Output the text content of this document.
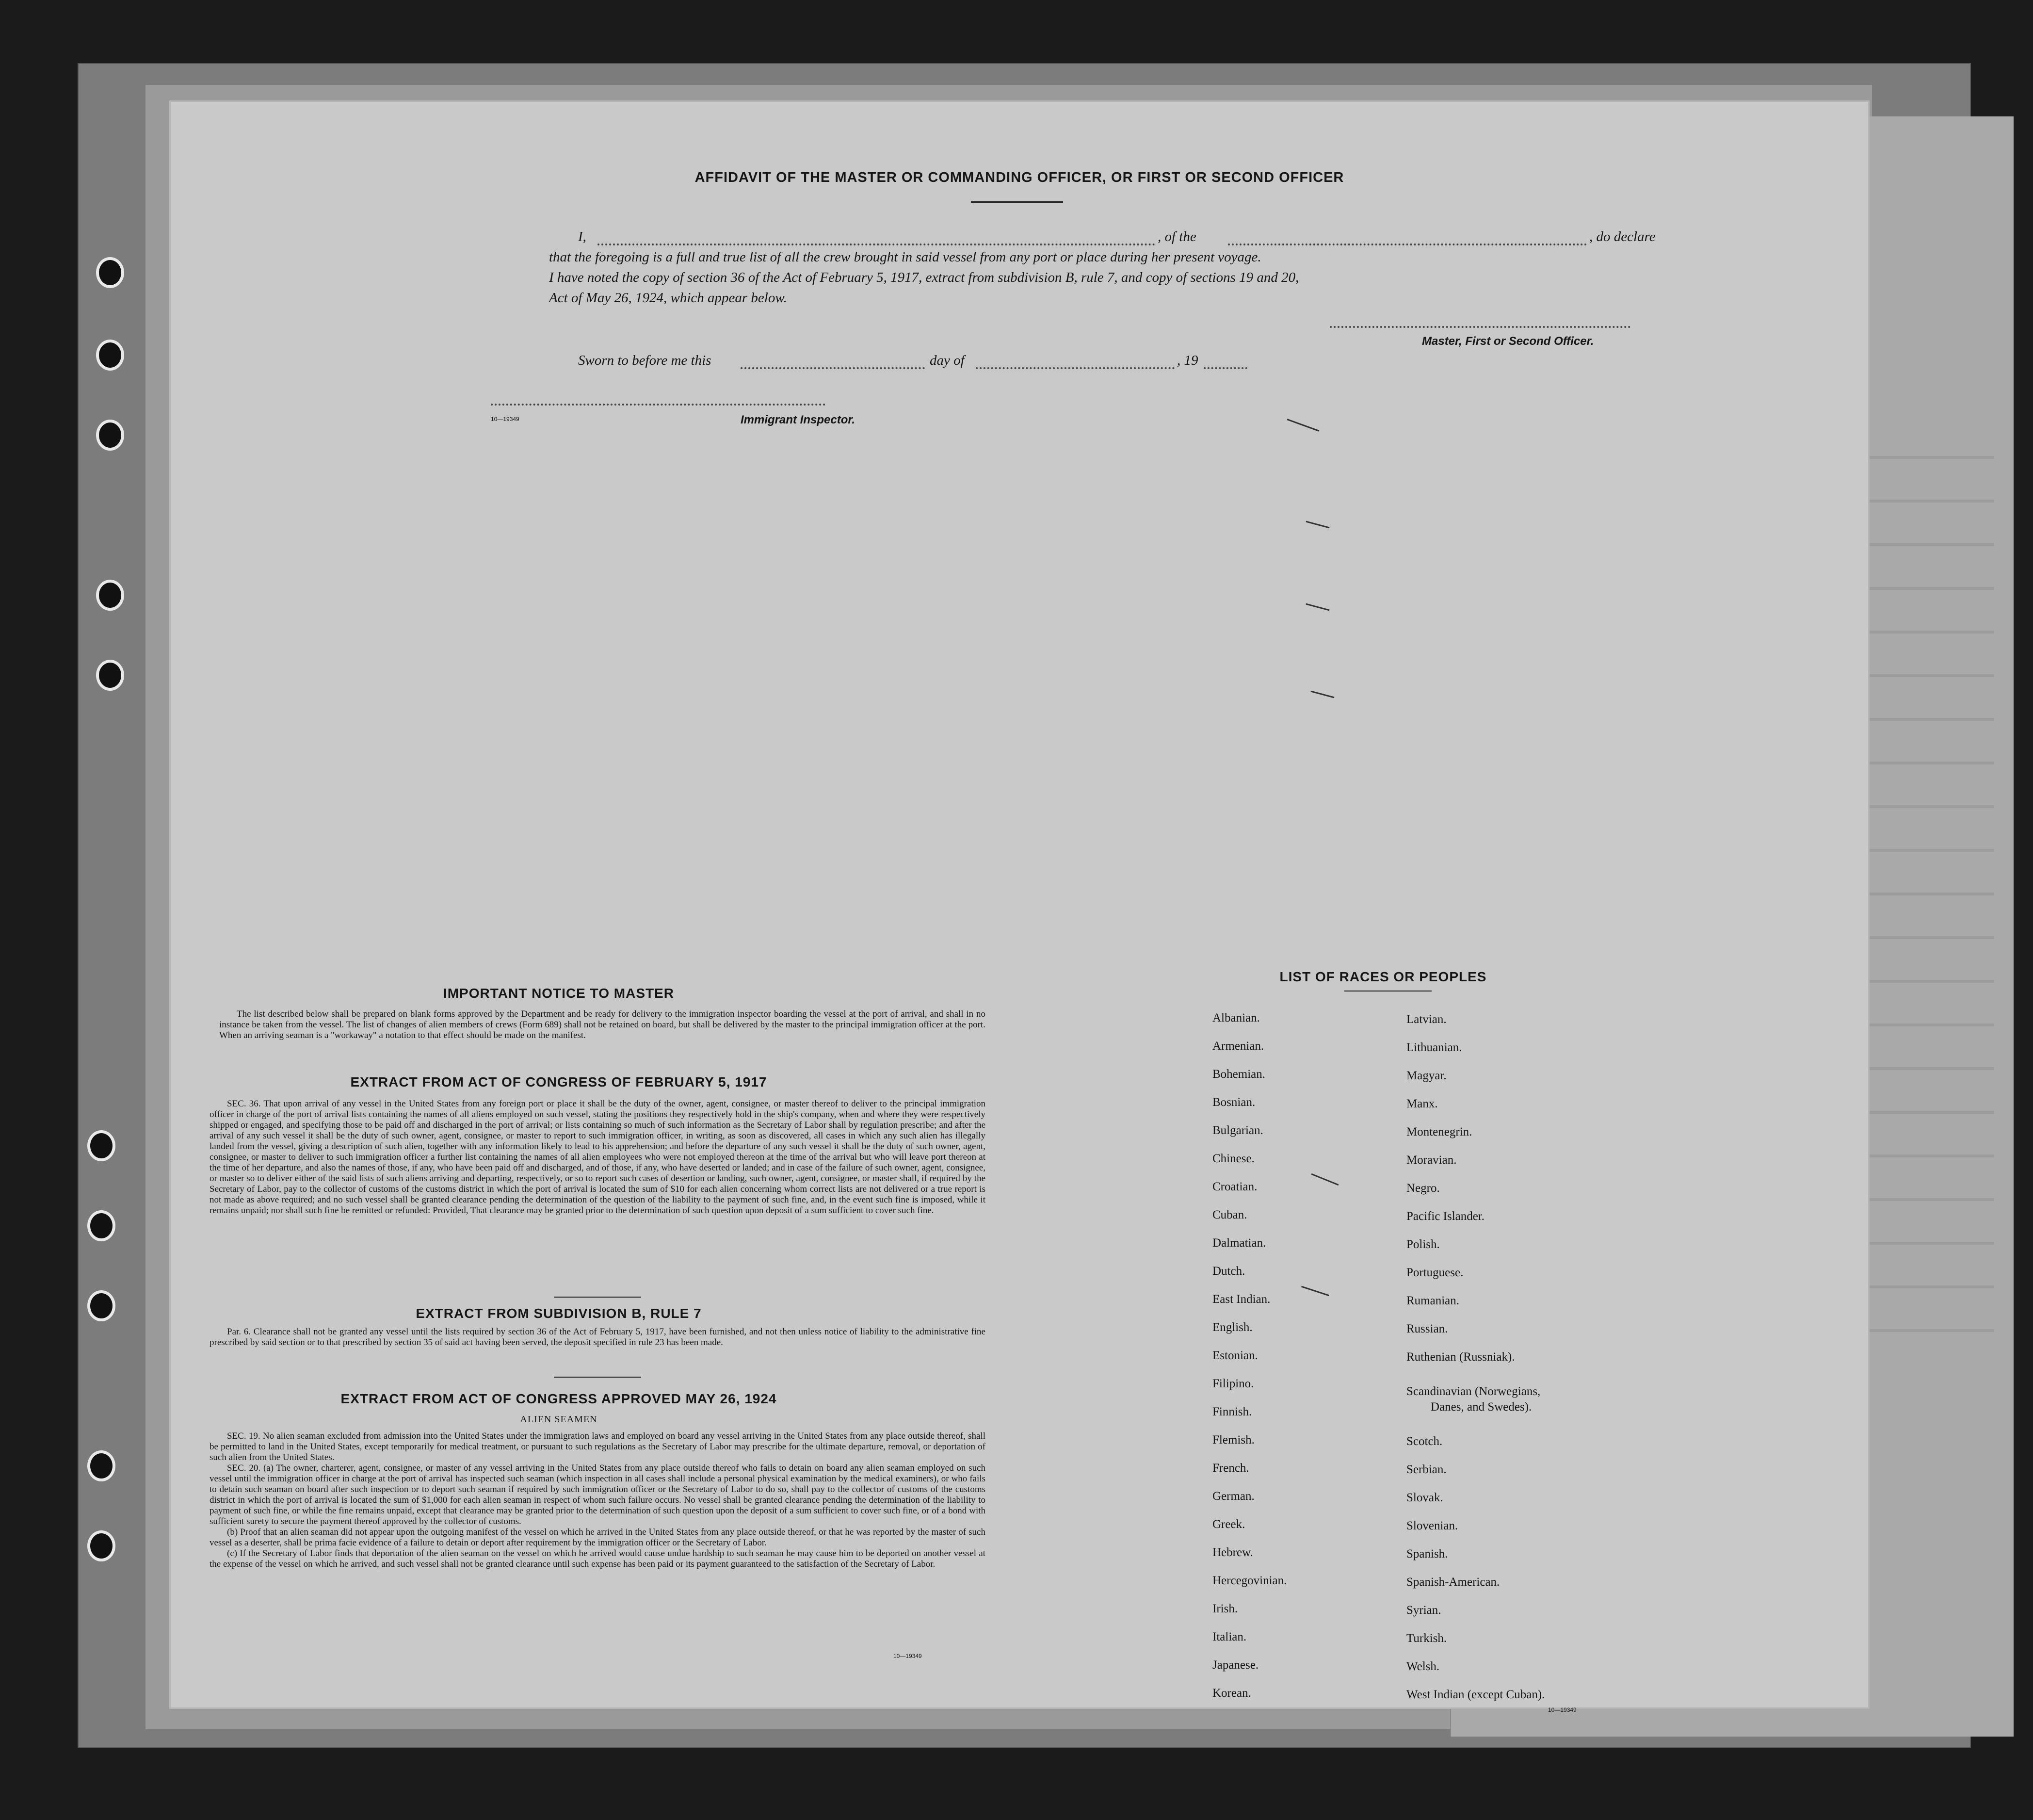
AFFIDAVIT OF THE MASTER OR COMMANDING OFFICER, OR FIRST OR SECOND OFFICER
I,	, of the	, do declare
that the foregoing is a full and true list of all the crew brought in said vessel from any port or place during her present voyage.
I have noted the copy of section 36 of the Act of February 5, 1917, extract from subdivision B, rule 7, and copy of sections 19 and 20,
Act of May 26, 1924, which appear below.
Master, First or Second Officer.
Sworn to before me this	day of	, 19
10—19349	Immigrant Inspector.
IMPORTANT NOTICE TO MASTER

The list described below shall be prepared on blank forms approved by the Department and be ready for delivery to the immigration inspector boarding the vessel at the port of arrival, and shall in no instance be taken from the vessel. The list of changes of alien members of crews (Form 689) shall not be retained on board, but shall be delivered by the master to the principal immigration officer at the port. When an arriving seaman is a "workaway" a notation to that effect should be made on the manifest.

EXTRACT FROM ACT OF CONGRESS OF FEBRUARY 5, 1917

SEC. 36. That upon arrival of any vessel in the United States from any foreign port or place it shall be the duty of the owner, agent, consignee, or master thereof to deliver to the principal immigration officer in charge of the port of arrival lists containing the names of all aliens employed on such vessel, stating the positions they respectively hold in the ship's company, when and where they were respectively shipped or engaged, and specifying those to be paid off and discharged in the port of arrival; or lists containing so much of such information as the Secretary of Labor shall by regulation prescribe; and after the arrival of any such vessel it shall be the duty of such owner, agent, consignee, or master to report to such immigration officer, in writing, as soon as discovered, all cases in which any such alien has illegally landed from the vessel, giving a description of such alien, together with any information likely to lead to his apprehension; and before the departure of any such vessel it shall be the duty of such owner, agent, consignee, or master to deliver to such immigration officer a further list containing the names of all alien employees who were not employed thereon at the time of the arrival but who will leave port thereon at the time of her departure, and also the names of those, if any, who have been paid off and discharged, and of those, if any, who have deserted or landed; and in case of the failure of such owner, agent, consignee, or master so to deliver either of the said lists of such aliens arriving and departing, respectively, or so to report such cases of desertion or landing, such owner, agent, consignee, or master shall, if required by the Secretary of Labor, pay to the collector of customs of the customs district in which the port of arrival is located the sum of $10 for each alien concerning whom correct lists are not delivered or a true report is not made as above required; and no such vessel shall be granted clearance pending the determination of the question of the liability to the payment of such fine, and, in the event such fine is imposed, while it remains unpaid; nor shall such fine be remitted or refunded: Provided, That clearance may be granted prior to the determination of such question upon deposit of a sum sufficient to cover such fine.

EXTRACT FROM SUBDIVISION B, RULE 7

Par. 6. Clearance shall not be granted any vessel until the lists required by section 36 of the Act of February 5, 1917, have been furnished, and not then unless notice of liability to the administrative fine prescribed by said section or to that prescribed by section 35 of said act having been served, the deposit specified in rule 23 has been made.

EXTRACT FROM ACT OF CONGRESS APPROVED MAY 26, 1924
ALIEN SEAMEN

SEC. 19. No alien seaman excluded from admission into the United States under the immigration laws and employed on board any vessel arriving in the United States from any place outside thereof, shall be permitted to land in the United States, except temporarily for medical treatment, or pursuant to such regulations as the Secretary of Labor may prescribe for the ultimate departure, removal, or deportation of such alien from the United States.

SEC. 20. (a) The owner, charterer, agent, consignee, or master of any vessel arriving in the United States from any place outside thereof who fails to detain on board any alien seaman employed on such vessel until the immigration officer in charge at the port of arrival has inspected such seaman (which inspection in all cases shall include a personal physical examination by the medical examiners), or who fails to detain such seaman on board after such inspection or to deport such seaman if required by such immigration officer or the Secretary of Labor to do so, shall pay to the collector of customs of the customs district in which the port of arrival is located the sum of $1,000 for each alien seaman in respect of whom such failure occurs. No vessel shall be granted clearance pending the determination of the liability to payment of such fine, or while the fine remains unpaid, except that clearance may be granted prior to the determination of such question upon the deposit of a sum sufficient to cover such fine, or of a bond with sufficient surety to secure the payment thereof approved by the collector of customs.

(b) Proof that an alien seaman did not appear upon the outgoing manifest of the vessel on which he arrived in the United States from any place outside thereof, or that he was reported by the master of such vessel as a deserter, shall be prima facie evidence of a failure to detain or deport after requirement by the immigration officer or the Secretary of Labor.

(c) If the Secretary of Labor finds that deportation of the alien seaman on the vessel on which he arrived would cause undue hardship to such seaman he may cause him to be deported on another vessel at the expense of the vessel on which he arrived, and such vessel shall not be granted clearance until such expense has been paid or its payment guaranteed to the satisfaction of the Secretary of Labor.

10—19349
LIST OF RACES OR PEOPLES
Albanian.
Armenian.
Bohemian.
Bosnian.
Bulgarian.
Chinese.
Croatian.
Cuban.
Dalmatian.
Dutch.
East Indian.
English.
Estonian.
Filipino.
Finnish.
Flemish.
French.
German.
Greek.
Hebrew.
Hercegovinian.
Irish.
Italian.
Japanese.
Korean.
Latvian.
Lithuanian.
Magyar.
Manx.
Montenegrin.
Moravian.
Negro.
Pacific Islander.
Polish.
Portuguese.
Rumanian.
Russian.
Ruthenian (Russniak).
Scandinavian (Norwegians,
Danes, and Swedes).
Scotch.
Serbian.
Slovak.
Slovenian.
Spanish.
Spanish-American.
Syrian.
Turkish.
Welsh.
West Indian (except Cuban).
10—19349
